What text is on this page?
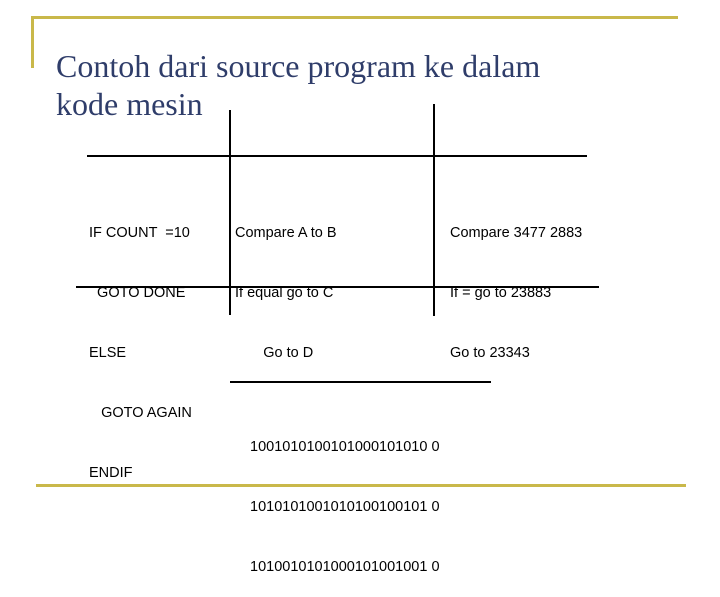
Contoh dari source program ke dalam
kode mesin

IF COUNT  =10

GOTO DONE

ELSE

GOTO AGAIN

ENDIF

Compare A to B

If equal go to C

Go to D

Compare 3477 2883

If = go to 23883

Go to 23343

1001010100101000101010 0

1010101001010100100101 0

1010010101000101001001 0
